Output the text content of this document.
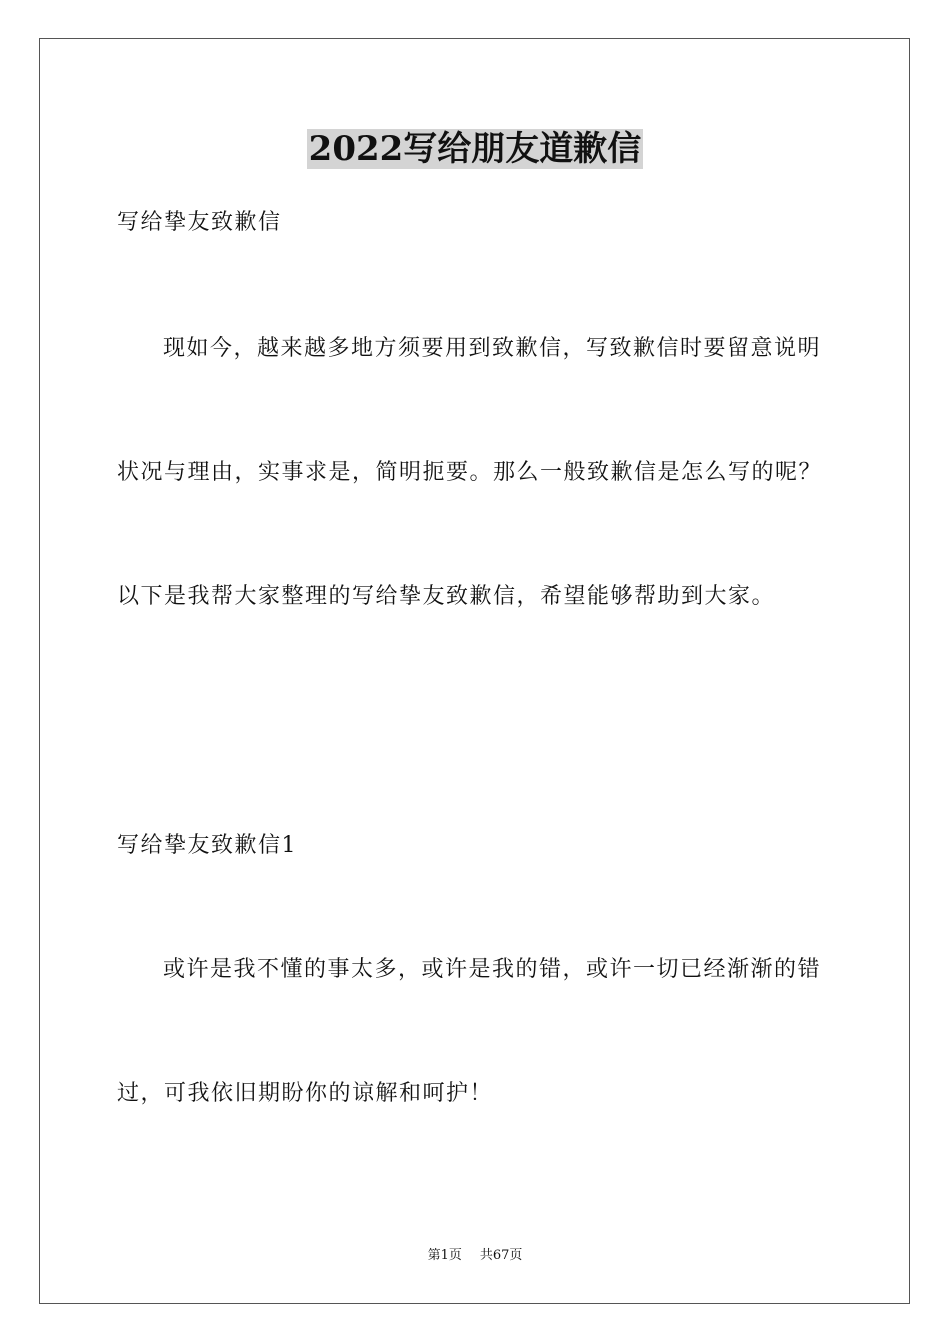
2022写给朋友道歉信
写给挚友致歉信
现如今，越来越多地方须要用到致歉信，写致歉信时要留意说明
状况与理由，实事求是，简明扼要。那么一般致歉信是怎么写的呢？
以下是我帮大家整理的写给挚友致歉信，希望能够帮助到大家。
写给挚友致歉信1
或许是我不懂的事太多，或许是我的错，或许一切已经渐渐的错
过，可我依旧期盼你的谅解和呵护！
第1页 共67页
